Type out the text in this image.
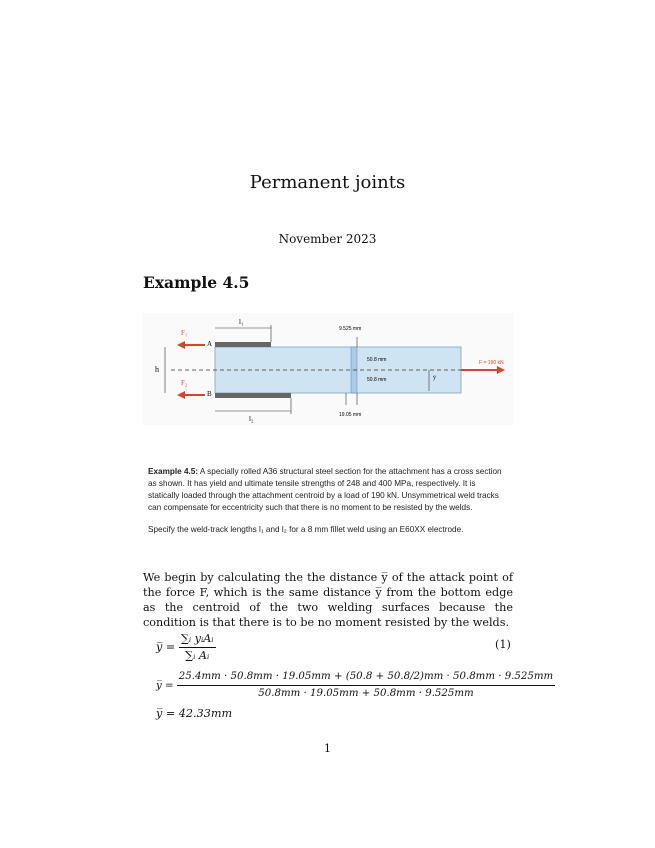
Permanent joints
November 2023
Example 4.5
l₁
l₂
h
F₁
F₂
A
B
9.525 mm
50.8 mm
50.8 mm
19.05 mm
F = 190 kN
ȳ

Example 4.5: A specially rolled A36 structural steel section for the attachment has a cross section as shown. It has yield and ultimate tensile strengths of 248 and 400 MPa, respectively. It is statically loaded through the attachment centroid by a load of 190 kN. Unsymmetrical weld tracks can compensate for eccentricity such that there is no moment to be resisted by the welds.

Specify the weld-track lengths l₁ and l₂ for a 8 mm fillet weld using an E60XX electrode.

We begin by calculating the the distance y̅ of the attack point of the force F, which is the same distance y̅ from the bottom edge as the centroid of the two welding surfaces because the condition is that there is to be no moment resisted by the welds.
y̅ = $\frac{\text{∑ᵢ yᵢAᵢ}}{\text{∑ᵢ Aᵢ}}$	(1)
y̅ =
25.4mm · 50.8mm · 19.05mm + (50.8 + 50.8/2)mm · 50.8mm · 9.525mm
50.8mm · 19.05mm + 50.8mm · 9.525mm
y̅ = 42.33mm
1
